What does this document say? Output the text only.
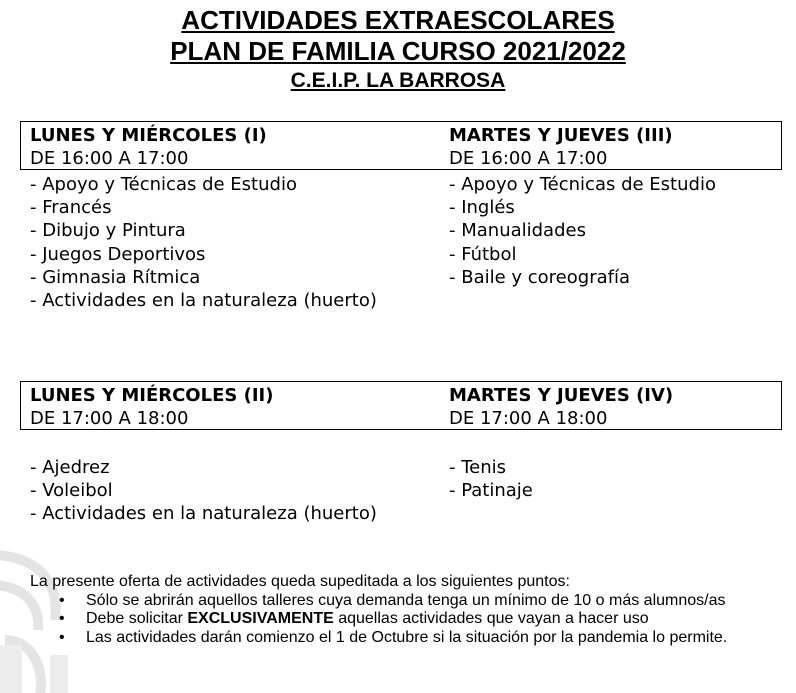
ACTIVIDADES EXTRAESCOLARES
PLAN DE FAMILIA CURSO 2021/2022
C.E.I.P. LA BARROSA
LUNES Y MIÉRCOLES (I)
DE 16:00 A 17:00
- Apoyo y Técnicas de Estudio
- Francés
- Dibujo y Pintura
- Juegos Deportivos
- Gimnasia Rítmica
- Actividades en la naturaleza (huerto)
MARTES Y JUEVES (III)
DE 16:00 A 17:00
- Apoyo y Técnicas de Estudio
- Inglés
- Manualidades
- Fútbol
- Baile y coreografía
LUNES Y MIÉRCOLES (II)
DE 17:00 A 18:00
- Ajedrez
- Voleibol
- Actividades en la naturaleza (huerto)
MARTES Y JUEVES (IV)
DE 17:00 A 18:00
- Tenis
- Patinaje

La presente oferta de actividades queda supeditada a los siguientes puntos:

• Sólo se abrirán aquellos talleres cuya demanda tenga un mínimo de 10 o más alumnos/as
• Debe solicitar EXCLUSIVAMENTE aquellas actividades que vayan a hacer uso
• Las actividades darán comienzo el 1 de Octubre si la situación por la pandemia lo permite.
